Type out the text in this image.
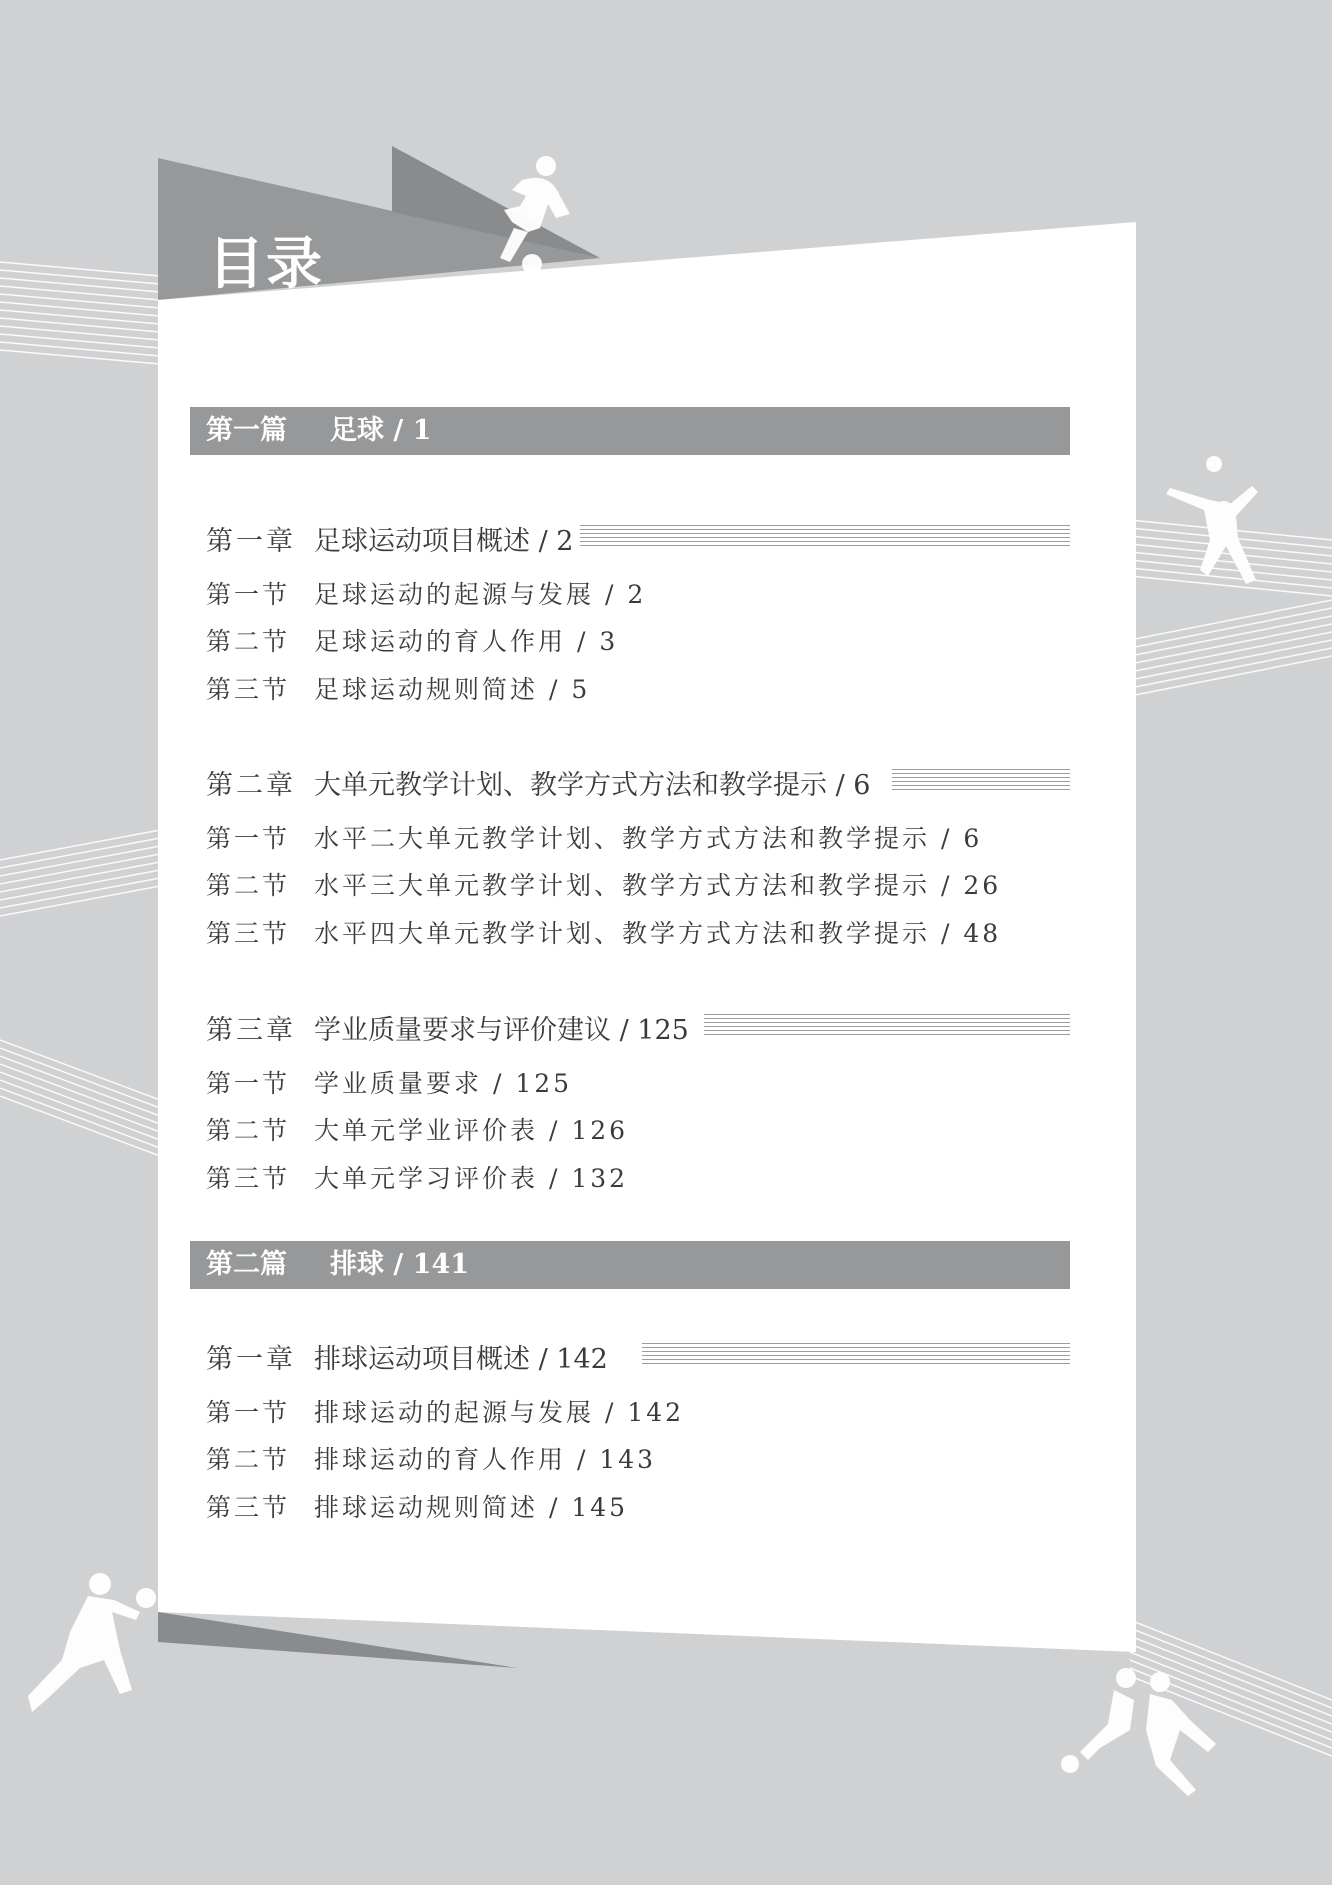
目录
第一篇 足球 / 1
第一章 足球运动项目概述 / 2
第一节 足球运动的起源与发展 / 2
第二节 足球运动的育人作用 / 3
第三节 足球运动规则简述 / 5
第二章 大单元教学计划、教学方式方法和教学提示 / 6
第一节 水平二大单元教学计划、教学方式方法和教学提示 / 6
第二节 水平三大单元教学计划、教学方式方法和教学提示 / 26
第三节 水平四大单元教学计划、教学方式方法和教学提示 / 48
第三章 学业质量要求与评价建议 / 125
第一节 学业质量要求 / 125
第二节 大单元学业评价表 / 126
第三节 大单元学习评价表 / 132
第二篇 排球 / 141
第一章 排球运动项目概述 / 142
第一节 排球运动的起源与发展 / 142
第二节 排球运动的育人作用 / 143
第三节 排球运动规则简述 / 145
